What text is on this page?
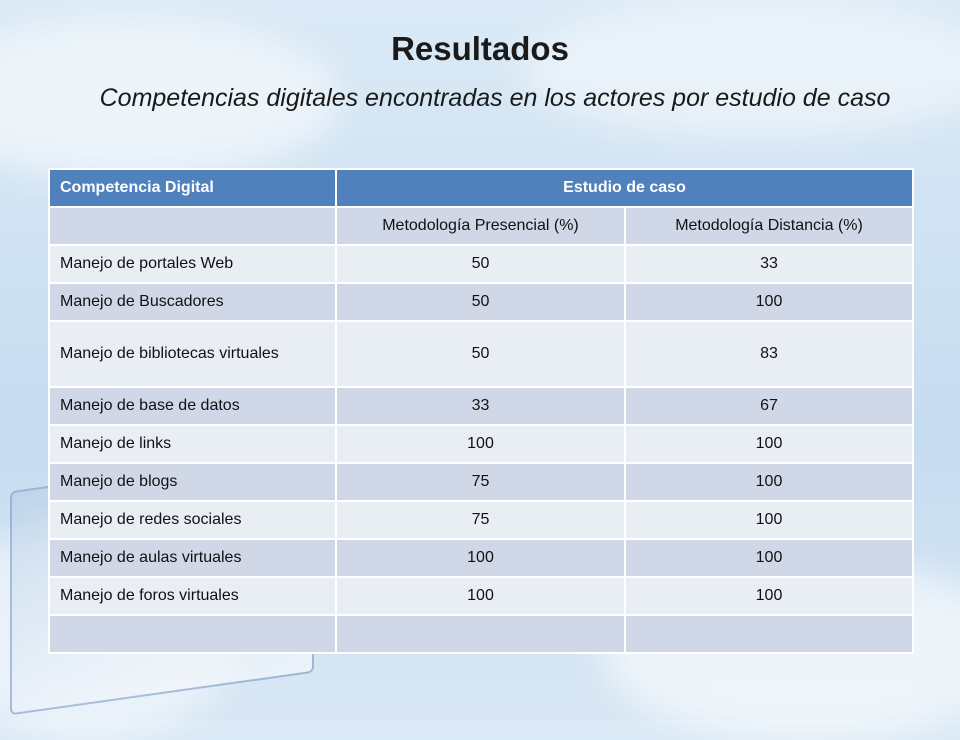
Resultados

Competencias digitales encontradas en los actores por estudio de caso

Competencia Digital	Estudio de caso	
	Metodología Presencial (%)	Metodología Distancia (%)
Manejo de portales Web	50	33
Manejo de Buscadores	50	100
Manejo de bibliotecas virtuales	50	83
Manejo de base de datos	33	67
Manejo de links	100	100
Manejo de blogs	75	100
Manejo de redes sociales	75	100
Manejo de aulas virtuales	100	100
Manejo de foros virtuales	100	100
